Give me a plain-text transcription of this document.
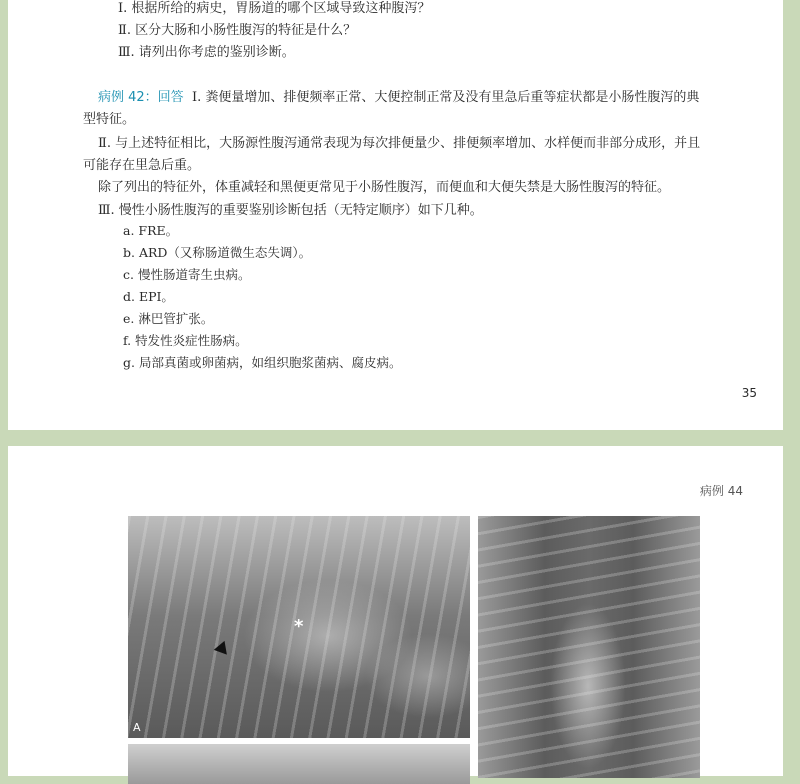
Ⅰ. 根据所给的病史，胃肠道的哪个区域导致这种腹泻？
Ⅱ. 区分大肠和小肠性腹泻的特征是什么？
Ⅲ. 请列出你考虑的鉴别诊断。
病例 42：回答 Ⅰ. 粪便量增加、排便频率正常、大便控制正常及没有里急后重等症状都是小肠性腹泻的典
型特征。
Ⅱ. 与上述特征相比，大肠源性腹泻通常表现为每次排便量少、排便频率增加、水样便而非部分成形，并且
可能存在里急后重。
除了列出的特征外，体重减轻和黑便更常见于小肠性腹泻，而便血和大便失禁是大肠性腹泻的特征。
Ⅲ. 慢性小肠性腹泻的重要鉴别诊断包括（无特定顺序）如下几种。
a. FRE。
b. ARD（又称肠道微生态失调）。
c. 慢性肠道寄生虫病。
d. EPI。
e. 淋巴管扩张。
f. 特发性炎症性肠病。
g. 局部真菌或卵菌病，如组织胞浆菌病、腐皮病。
35
病例 44
*
A
